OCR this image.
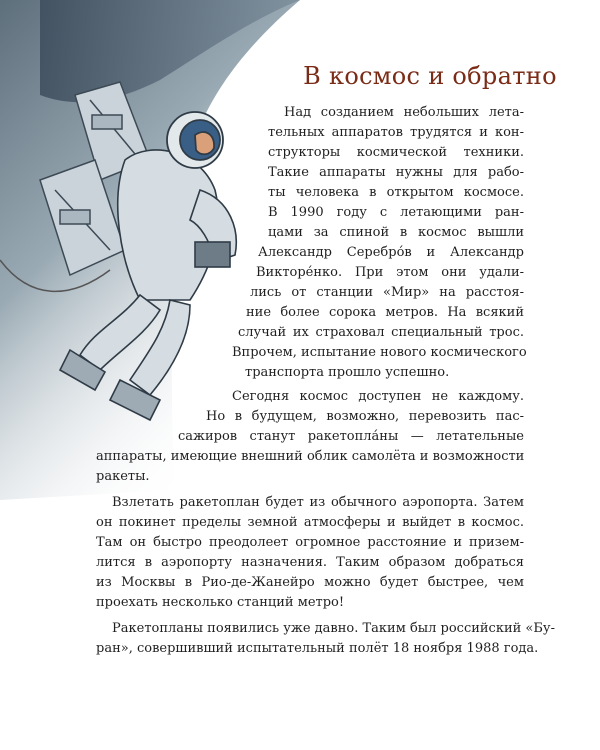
В космос и обратно
Над созданием небольших лета-
тельных аппаратов трудятся и кон-
структоры космической техники.
Такие аппараты нужны для рабо-
ты человека в открытом космосе.
В 1990 году с летающими ран-
цами за спиной в космос вышли
Александр Серебро́в и Александр
Викторе́нко. При этом они удали-
лись от станции «Мир» на расстоя-
ние более сорока метров. На всякий
случай их страховал специальный трос.
Впрочем, испытание нового космического
транспорта прошло успешно.
Сегодня космос доступен не каждому.
Но в будущем, возможно, перевозить пас-
сажиров станут ракетопла́ны — летательные
аппараты, имеющие внешний облик самолёта и возможности
ракеты.
Взлетать ракетоплан будет из обычного аэропорта. Затем
он покинет пределы земной атмосферы и выйдет в космос.
Там он быстро преодолеет огромное расстояние и призем-
лится в аэропорту назначения. Таким образом добраться
из Москвы в Рио-де-Жанейро можно будет быстрее, чем
проехать несколько станций метро!
Ракетопланы появились уже давно. Таким был российский «Бу-
ран», совершивший испытательный полёт 18 ноября 1988 года.
